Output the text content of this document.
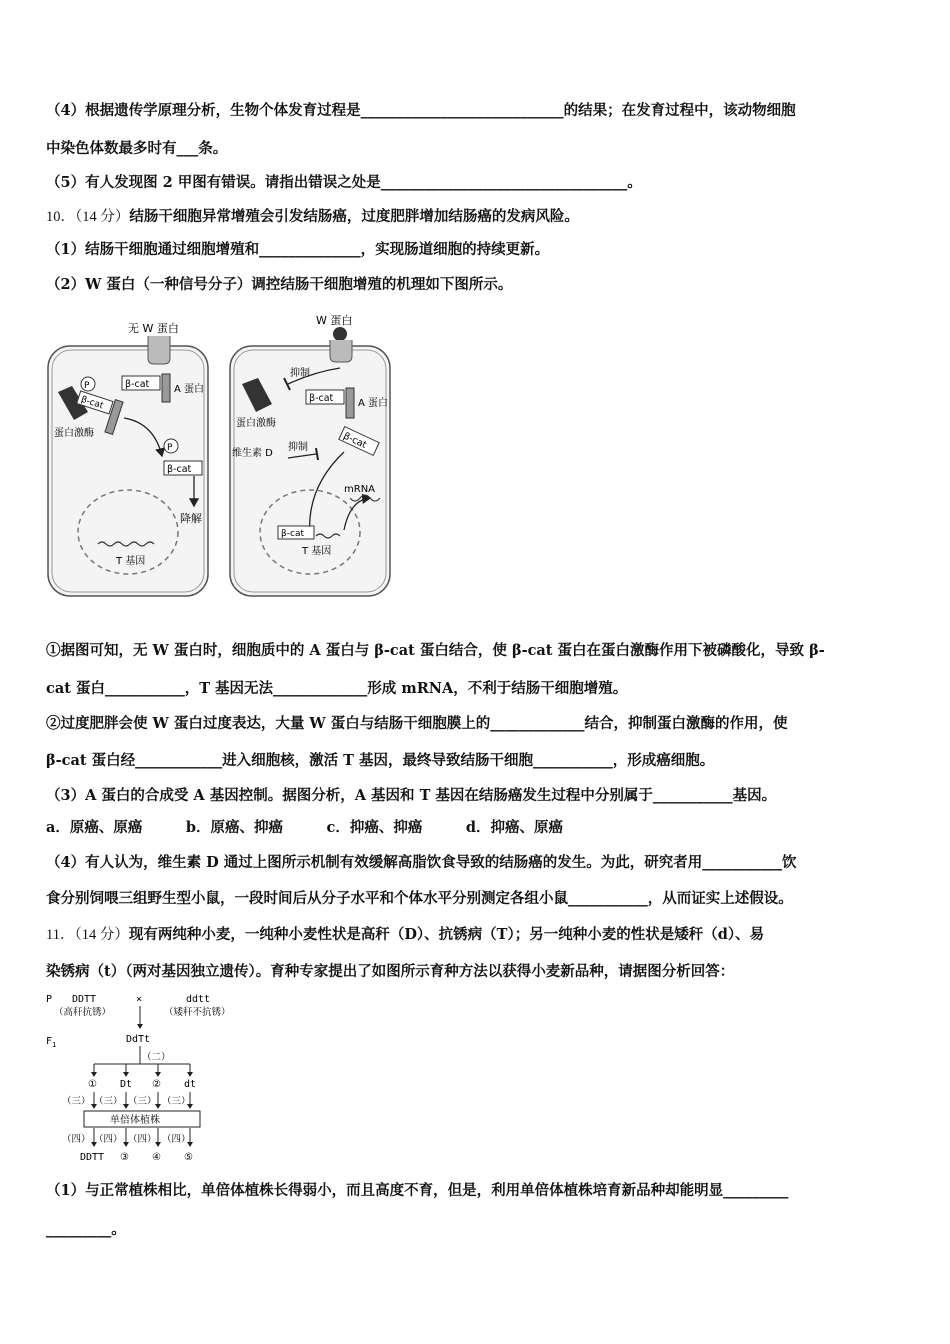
（4）根据遗传学原理分析，生物个体发育过程是____________________________的结果；在发育过程中，该动物细胞
中染色体数最多时有___条。
（5）有人发现图 2 甲图有错误。请指出错误之处是__________________________________。
10．（14 分）结肠干细胞异常增殖会引发结肠癌，过度肥胖增加结肠癌的发病风险。
（1）结肠干细胞通过细胞增殖和______________，实现肠道细胞的持续更新。
（2）W 蛋白（一种信号分子）调控结肠干细胞增殖的机理如下图所示。
无 W 蛋白
P	β-cat A 蛋白
β-cat
蛋白激酶
P
β-cat
降解
T 基因
W 蛋白
抑制
蛋白激酶
β-cat A 蛋白
维生素 D
抑制	β-cat
β-cat
T 基因
mRNA
①据图可知，无 W 蛋白时，细胞质中的 A 蛋白与 β-cat 蛋白结合，使 β-cat 蛋白在蛋白激酶作用下被磷酸化，导致 β-
cat 蛋白___________，T 基因无法_____________形成 mRNA，不利于结肠干细胞增殖。
②过度肥胖会使 W 蛋白过度表达，大量 W 蛋白与结肠干细胞膜上的_____________结合，抑制蛋白激酶的作用，使
β-cat 蛋白经____________进入细胞核，激活 T 基因，最终导致结肠干细胞___________，形成癌细胞。
（3）A 蛋白的合成受 A 基因控制。据图分析，A 基因和 T 基因在结肠癌发生过程中分别属于___________基因。
a．原癌、原癌　　　b．原癌、抑癌　　　c．抑癌、抑癌　　　d．抑癌、原癌
（4）有人认为，维生素 D 通过上图所示机制有效缓解高脂饮食导致的结肠癌的发生。为此，研究者用___________饮
食分别饲喂三组野生型小鼠，一段时间后从分子水平和个体水平分别测定各组小鼠___________，从而证实上述假设。
11．（14 分）现有两纯种小麦，一纯种小麦性状是高秆（D）、抗锈病（T）；另一纯种小麦的性状是矮秆（d）、易
染锈病（t）（两对基因独立遗传）。育种专家提出了如图所示育种方法以获得小麦新品种，请据图分析回答：
P DDTT	×	ddtt
（高秆抗锈）	（矮秆不抗锈）
$F_1$	DdTt
（二）
① Dt ② dt
（三） （三） （三） （三）
单倍体植株
（四） （四） （四） （四）
DDTT ③ ④ ⑤
（1）与正常植株相比，单倍体植株长得弱小，而且高度不育，但是，利用单倍体植株培育新品种却能明显_________
_________。
